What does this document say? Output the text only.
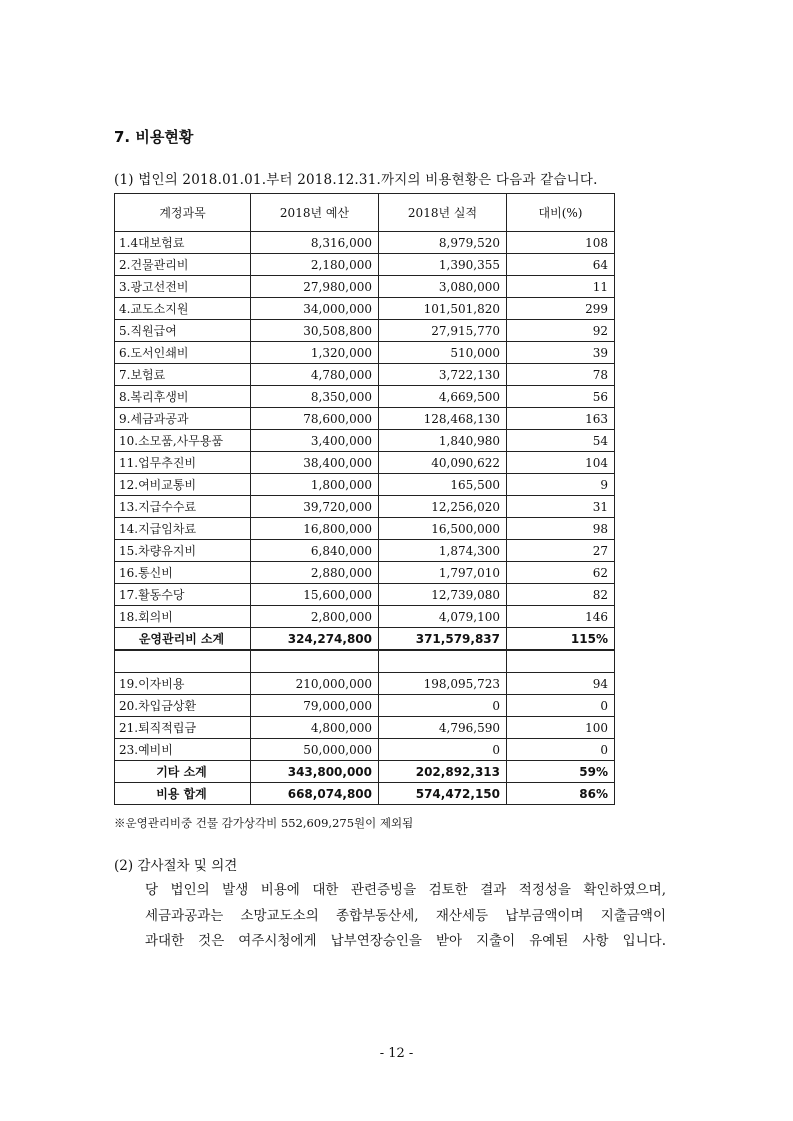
7. 비용현황

(1) 법인의 2018.01.01.부터 2018.12.31.까지의 비용현황은 다음과 같습니다.

계정과목	2018년 예산	2018년 실적	대비(%)
1.4대보험료	8,316,000	8,979,520	108
2.건물관리비	2,180,000	1,390,355	64
3.광고선전비	27,980,000	3,080,000	11
4.교도소지원	34,000,000	101,501,820	299
5.직원급여	30,508,800	27,915,770	92
6.도서인쇄비	1,320,000	510,000	39
7.보험료	4,780,000	3,722,130	78
8.복리후생비	8,350,000	4,669,500	56
9.세금과공과	78,600,000	128,468,130	163
10.소모품,사무용품	3,400,000	1,840,980	54
11.업무추진비	38,400,000	40,090,622	104
12.여비교통비	1,800,000	165,500	9
13.지급수수료	39,720,000	12,256,020	31
14.지급임차료	16,800,000	16,500,000	98
15.차량유지비	6,840,000	1,874,300	27
16.통신비	2,880,000	1,797,010	62
17.활동수당	15,600,000	12,739,080	82
18.회의비	2,800,000	4,079,100	146
운영관리비 소계	324,274,800	371,579,837	115%

19.이자비용	210,000,000	198,095,723	94
20.차입금상환	79,000,000	0	0
21.퇴직적립금	4,800,000	4,796,590	100
23.예비비	50,000,000	0	0
기타 소계	343,800,000	202,892,313	59%
비용 합계	668,074,800	574,472,150	86%

※운영관리비중 건물 감가상각비 552,609,275원이 제외됨

(2) 감사절차 및 의견

당 법인의 발생 비용에 대한 관련증빙을 검토한 결과 적정성을 확인하였으며,
세금과공과는 소망교도소의 종합부동산세, 재산세등 납부금액이며 지출금액이
과대한 것은 여주시청에게 납부연장승인을 받아 지출이 유예된 사항 입니다.

- 12 -
